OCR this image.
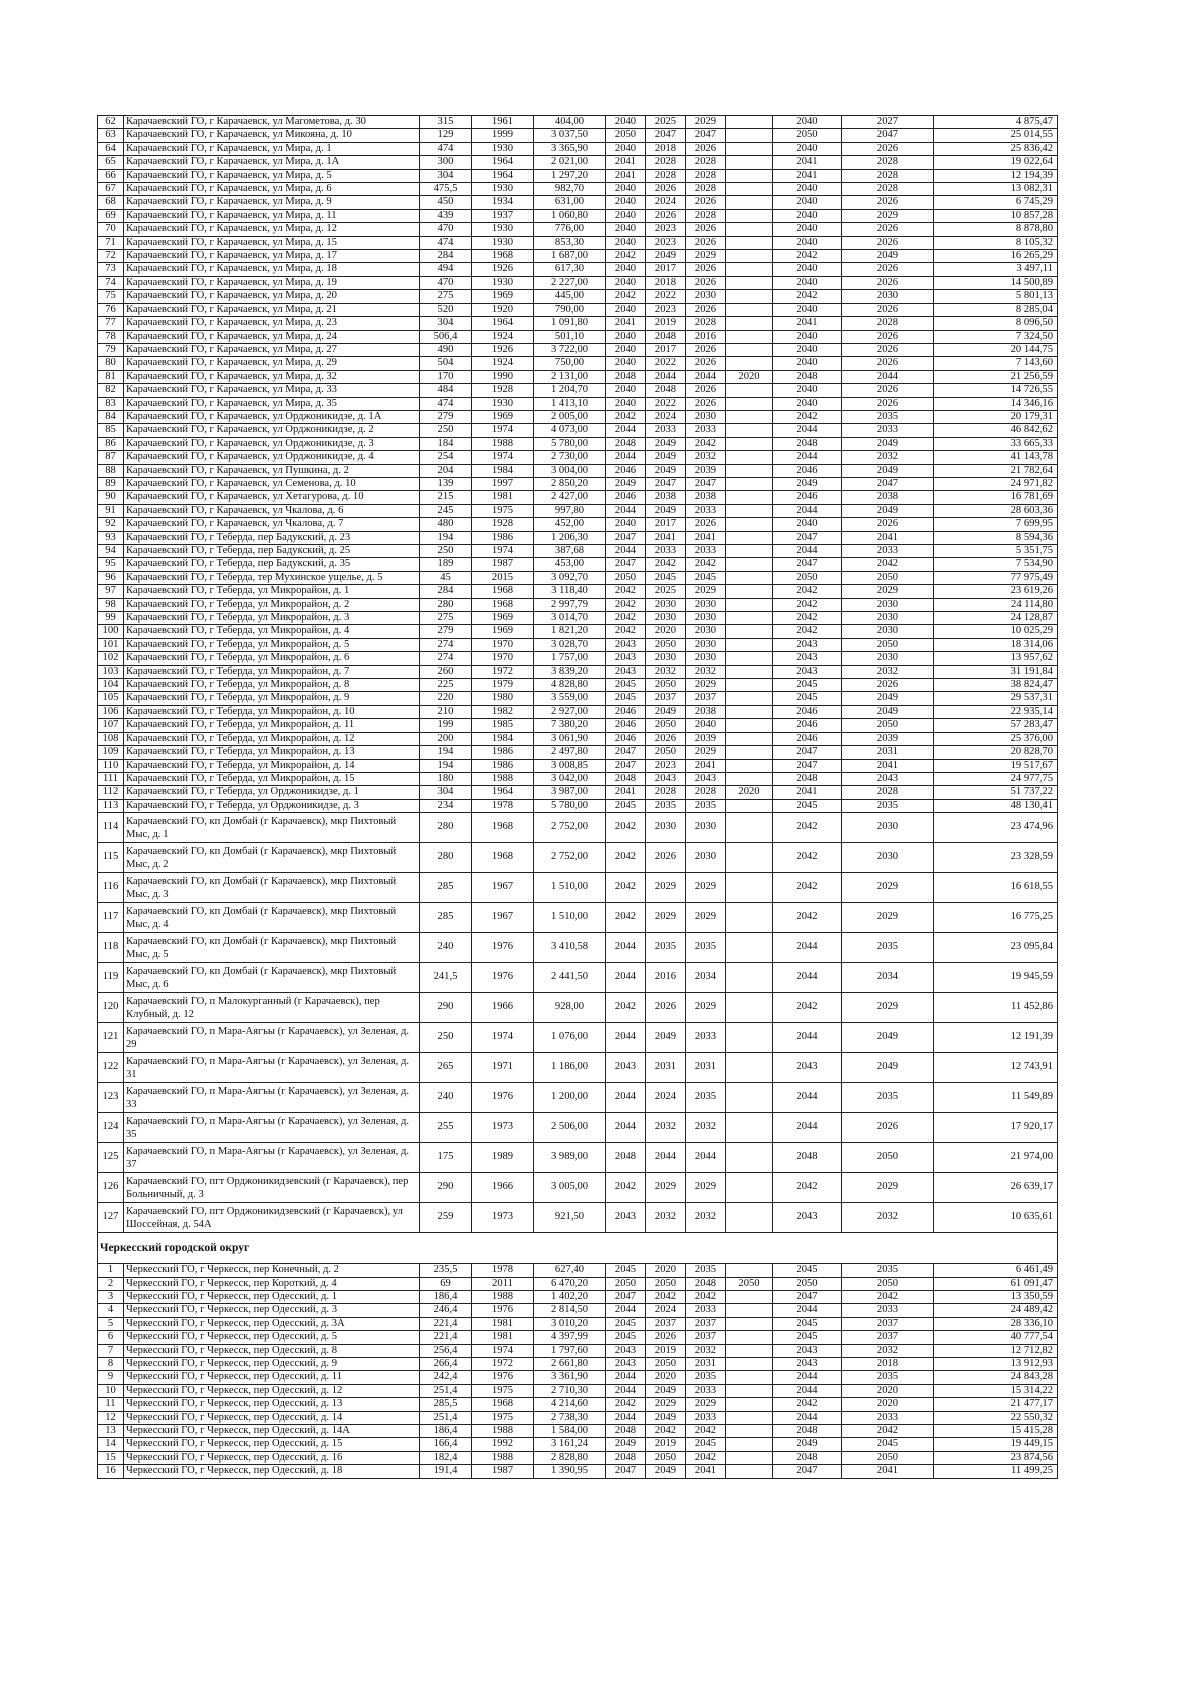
62	Карачаевский ГО, г Карачаевск, ул Магометова, д. 30	315	1961	404,00	2040	2025	2029		2040	2027	4 875,47
63	Карачаевский ГО, г Карачаевск, ул Микояна, д. 10	129	1999	3 037,50	2050	2047	2047		2050	2047	25 014,55
64	Карачаевский ГО, г Карачаевск, ул Мира, д. 1	474	1930	3 365,90	2040	2018	2026		2040	2026	25 836,42
65	Карачаевский ГО, г Карачаевск, ул Мира, д. 1А	300	1964	2 021,00	2041	2028	2028		2041	2028	19 022,64
66	Карачаевский ГО, г Карачаевск, ул Мира, д. 5	304	1964	1 297,20	2041	2028	2028		2041	2028	12 194,39
67	Карачаевский ГО, г Карачаевск, ул Мира, д. 6	475,5	1930	982,70	2040	2026	2028		2040	2028	13 082,31
68	Карачаевский ГО, г Карачаевск, ул Мира, д. 9	450	1934	631,00	2040	2024	2026		2040	2026	6 745,29
69	Карачаевский ГО, г Карачаевск, ул Мира, д. 11	439	1937	1 060,80	2040	2026	2028		2040	2029	10 857,28
70	Карачаевский ГО, г Карачаевск, ул Мира, д. 12	470	1930	776,00	2040	2023	2026		2040	2026	8 878,80
71	Карачаевский ГО, г Карачаевск, ул Мира, д. 15	474	1930	853,30	2040	2023	2026		2040	2026	8 105,32
72	Карачаевский ГО, г Карачаевск, ул Мира, д. 17	284	1968	1 687,00	2042	2049	2029		2042	2049	16 265,29
73	Карачаевский ГО, г Карачаевск, ул Мира, д. 18	494	1926	617,30	2040	2017	2026		2040	2026	3 497,11
74	Карачаевский ГО, г Карачаевск, ул Мира, д. 19	470	1930	2 227,00	2040	2018	2026		2040	2026	14 500,89
75	Карачаевский ГО, г Карачаевск, ул Мира, д. 20	275	1969	445,00	2042	2022	2030		2042	2030	5 801,13
76	Карачаевский ГО, г Карачаевск, ул Мира, д. 21	520	1920	790,00	2040	2023	2026		2040	2026	8 285,04
77	Карачаевский ГО, г Карачаевск, ул Мира, д. 23	304	1964	1 091,80	2041	2019	2028		2041	2028	8 096,50
78	Карачаевский ГО, г Карачаевск, ул Мира, д. 24	506,4	1924	501,10	2040	2048	2016		2040	2026	7 324,50
79	Карачаевский ГО, г Карачаевск, ул Мира, д. 27	490	1926	3 722,00	2040	2017	2026		2040	2026	20 144,75
80	Карачаевский ГО, г Карачаевск, ул Мира, д. 29	504	1924	750,00	2040	2022	2026		2040	2026	7 143,60
81	Карачаевский ГО, г Карачаевск, ул Мира, д. 32	170	1990	2 131,00	2048	2044	2044	2020	2048	2044	21 256,59
82	Карачаевский ГО, г Карачаевск, ул Мира, д. 33	484	1928	1 204,70	2040	2048	2026		2040	2026	14 726,55
83	Карачаевский ГО, г Карачаевск, ул Мира, д. 35	474	1930	1 413,10	2040	2022	2026		2040	2026	14 346,16
84	Карачаевский ГО, г Карачаевск, ул Орджоникидзе, д. 1А	279	1969	2 005,00	2042	2024	2030		2042	2035	20 179,31
85	Карачаевский ГО, г Карачаевск, ул Орджоникидзе, д. 2	250	1974	4 073,00	2044	2033	2033		2044	2033	46 842,62
86	Карачаевский ГО, г Карачаевск, ул Орджоникидзе, д. 3	184	1988	5 780,00	2048	2049	2042		2048	2049	33 665,33
87	Карачаевский ГО, г Карачаевск, ул Орджоникидзе, д. 4	254	1974	2 730,00	2044	2049	2032		2044	2032	41 143,78
88	Карачаевский ГО, г Карачаевск, ул Пушкина, д. 2	204	1984	3 004,00	2046	2049	2039		2046	2049	21 782,64
89	Карачаевский ГО, г Карачаевск, ул Семенова, д. 10	139	1997	2 850,20	2049	2047	2047		2049	2047	24 971,82
90	Карачаевский ГО, г Карачаевск, ул Хетагурова, д. 10	215	1981	2 427,00	2046	2038	2038		2046	2038	16 781,69
91	Карачаевский ГО, г Карачаевск, ул Чкалова, д. 6	245	1975	997,80	2044	2049	2033		2044	2049	28 603,36
92	Карачаевский ГО, г Карачаевск, ул Чкалова, д. 7	480	1928	452,00	2040	2017	2026		2040	2026	7 699,95
93	Карачаевский ГО, г Теберда, пер Бадукский, д. 23	194	1986	1 206,30	2047	2041	2041		2047	2041	8 594,36
94	Карачаевский ГО, г Теберда, пер Бадукский, д. 25	250	1974	387,68	2044	2033	2033		2044	2033	5 351,75
95	Карачаевский ГО, г Теберда, пер Бадукский, д. 35	189	1987	453,00	2047	2042	2042		2047	2042	7 534,90
96	Карачаевский ГО, г Теберда, тер Мухинское ущелье, д. 5	45	2015	3 092,70	2050	2045	2045		2050	2050	77 975,49
97	Карачаевский ГО, г Теберда, ул Микрорайон, д. 1	284	1968	3 118,40	2042	2025	2029		2042	2029	23 619,26
98	Карачаевский ГО, г Теберда, ул Микрорайон, д. 2	280	1968	2 997,79	2042	2030	2030		2042	2030	24 114,80
99	Карачаевский ГО, г Теберда, ул Микрорайон, д. 3	275	1969	3 014,70	2042	2030	2030		2042	2030	24 128,87
100	Карачаевский ГО, г Теберда, ул Микрорайон, д. 4	279	1969	1 821,20	2042	2020	2030		2042	2030	10 025,29
101	Карачаевский ГО, г Теберда, ул Микрорайон, д. 5	274	1970	3 028,70	2043	2050	2030		2043	2050	18 314,06
102	Карачаевский ГО, г Теберда, ул Микрорайон, д. 6	274	1970	1 757,00	2043	2030	2030		2043	2030	13 957,62
103	Карачаевский ГО, г Теберда, ул Микрорайон, д. 7	260	1972	3 839,20	2043	2032	2032		2043	2032	31 191,84
104	Карачаевский ГО, г Теберда, ул Микрорайон, д. 8	225	1979	4 828,80	2045	2050	2029		2045	2026	38 824,47
105	Карачаевский ГО, г Теберда, ул Микрорайон, д. 9	220	1980	3 559,00	2045	2037	2037		2045	2049	29 537,31
106	Карачаевский ГО, г Теберда, ул Микрорайон, д. 10	210	1982	2 927,00	2046	2049	2038		2046	2049	22 935,14
107	Карачаевский ГО, г Теберда, ул Микрорайон, д. 11	199	1985	7 380,20	2046	2050	2040		2046	2050	57 283,47
108	Карачаевский ГО, г Теберда, ул Микрорайон, д. 12	200	1984	3 061,90	2046	2026	2039		2046	2039	25 376,00
109	Карачаевский ГО, г Теберда, ул Микрорайон, д. 13	194	1986	2 497,80	2047	2050	2029		2047	2031	20 828,70
110	Карачаевский ГО, г Теберда, ул Микрорайон, д. 14	194	1986	3 008,85	2047	2023	2041		2047	2041	19 517,67
111	Карачаевский ГО, г Теберда, ул Микрорайон, д. 15	180	1988	3 042,00	2048	2043	2043		2048	2043	24 977,75
112	Карачаевский ГО, г Теберда, ул Орджоникидзе, д. 1	304	1964	3 987,00	2041	2028	2028	2020	2041	2028	51 737,22
113	Карачаевский ГО, г Теберда, ул Орджоникидзе, д. 3	234	1978	5 780,00	2045	2035	2035		2045	2035	48 130,41
114	Карачаевский ГО, кп Домбай (г Карачаевск), мкр Пихтовый Мыс, д. 1	280	1968	2 752,00	2042	2030	2030		2042	2030	23 474,96
115	Карачаевский ГО, кп Домбай (г Карачаевск), мкр Пихтовый Мыс, д. 2	280	1968	2 752,00	2042	2026	2030		2042	2030	23 328,59
116	Карачаевский ГО, кп Домбай (г Карачаевск), мкр Пихтовый Мыс, д. 3	285	1967	1 510,00	2042	2029	2029		2042	2029	16 618,55
117	Карачаевский ГО, кп Домбай (г Карачаевск), мкр Пихтовый Мыс, д. 4	285	1967	1 510,00	2042	2029	2029		2042	2029	16 775,25
118	Карачаевский ГО, кп Домбай (г Карачаевск), мкр Пихтовый Мыс, д. 5	240	1976	3 410,58	2044	2035	2035		2044	2035	23 095,84
119	Карачаевский ГО, кп Домбай (г Карачаевск), мкр Пихтовый Мыс, д. 6	241,5	1976	2 441,50	2044	2016	2034		2044	2034	19 945,59
120	Карачаевский ГО, п Малокурганный (г Карачаевск), пер Клубный, д. 12	290	1966	928,00	2042	2026	2029		2042	2029	11 452,86
121	Карачаевский ГО, п Мара-Аягъы (г Карачаевск), ул Зеленая, д. 29	250	1974	1 076,00	2044	2049	2033		2044	2049	12 191,39
122	Карачаевский ГО, п Мара-Аягъы (г Карачаевск), ул Зеленая, д. 31	265	1971	1 186,00	2043	2031	2031		2043	2049	12 743,91
123	Карачаевский ГО, п Мара-Аягъы (г Карачаевск), ул Зеленая, д. 33	240	1976	1 200,00	2044	2024	2035		2044	2035	11 549,89
124	Карачаевский ГО, п Мара-Аягъы (г Карачаевск), ул Зеленая, д. 35	255	1973	2 506,00	2044	2032	2032		2044	2026	17 920,17
125	Карачаевский ГО, п Мара-Аягъы (г Карачаевск), ул Зеленая, д. 37	175	1989	3 989,00	2048	2044	2044		2048	2050	21 974,00
126	Карачаевский ГО, пгт Орджоникидзевский (г Карачаевск), пер Больничный, д. 3	290	1966	3 005,00	2042	2029	2029		2042	2029	26 639,17
127	Карачаевский ГО, пгт Орджоникидзевский (г Карачаевск), ул Шоссейная, д. 54А	259	1973	921,50	2043	2032	2032		2043	2032	10 635,61
Черкесский городской округ											
1	Черкесский ГО, г Черкесск, пер Конечный, д. 2	235,5	1978	627,40	2045	2020	2035		2045	2035	6 461,49
2	Черкесский ГО, г Черкесск, пер Короткий, д. 4	69	2011	6 470,20	2050	2050	2048	2050	2050	2050	61 091,47
3	Черкесский ГО, г Черкесск, пер Одесский, д. 1	186,4	1988	1 402,20	2047	2042	2042		2047	2042	13 350,59
4	Черкесский ГО, г Черкесск, пер Одесский, д. 3	246,4	1976	2 814,50	2044	2024	2033		2044	2033	24 489,42
5	Черкесский ГО, г Черкесск, пер Одесский, д. 3А	221,4	1981	3 010,20	2045	2037	2037		2045	2037	28 336,10
6	Черкесский ГО, г Черкесск, пер Одесский, д. 5	221,4	1981	4 397,99	2045	2026	2037		2045	2037	40 777,54
7	Черкесский ГО, г Черкесск, пер Одесский, д. 8	256,4	1974	1 797,60	2043	2019	2032		2043	2032	12 712,82
8	Черкесский ГО, г Черкесск, пер Одесский, д. 9	266,4	1972	2 661,80	2043	2050	2031		2043	2018	13 912,93
9	Черкесский ГО, г Черкесск, пер Одесский, д. 11	242,4	1976	3 361,90	2044	2020	2035		2044	2035	24 843,28
10	Черкесский ГО, г Черкесск, пер Одесский, д. 12	251,4	1975	2 710,30	2044	2049	2033		2044	2020	15 314,22
11	Черкесский ГО, г Черкесск, пер Одесский, д. 13	285,5	1968	4 214,60	2042	2029	2029		2042	2020	21 477,17
12	Черкесский ГО, г Черкесск, пер Одесский, д. 14	251,4	1975	2 738,30	2044	2049	2033		2044	2033	22 550,32
13	Черкесский ГО, г Черкесск, пер Одесский, д. 14А	186,4	1988	1 584,00	2048	2042	2042		2048	2042	15 415,28
14	Черкесский ГО, г Черкесск, пер Одесский, д. 15	166,4	1992	3 161,24	2049	2019	2045		2049	2045	19 449,15
15	Черкесский ГО, г Черкесск, пер Одесский, д. 16	182,4	1988	2 828,80	2048	2050	2042		2048	2050	23 874,56
16	Черкесский ГО, г Черкесск, пер Одесский, д. 18	191,4	1987	1 390,95	2047	2049	2041		2047	2041	11 499,25
